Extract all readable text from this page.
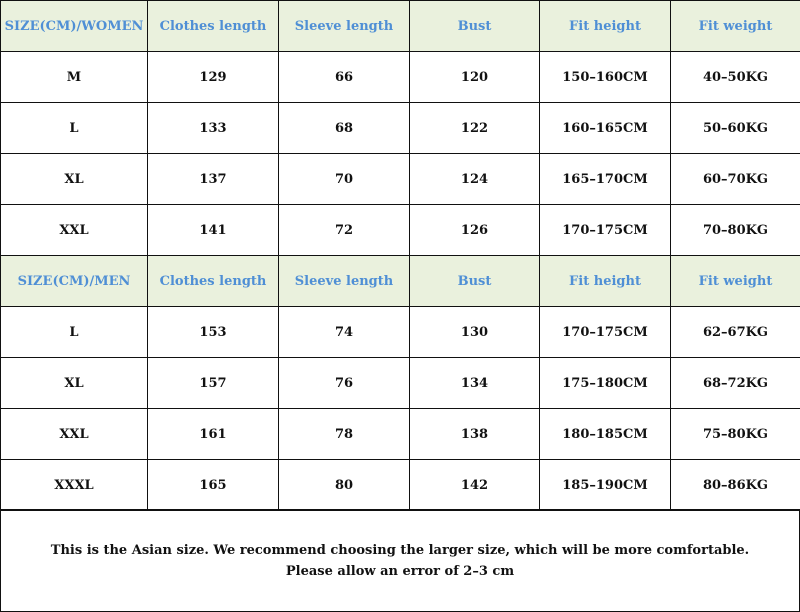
SIZE(CM)/WOMEN	Clothes length	Sleeve length	Bust	Fit height	Fit weight
M	129	66	120	150–160CM	40–50KG
L	133	68	122	160–165CM	50–60KG
XL	137	70	124	165–170CM	60–70KG
XXL	141	72	126	170–175CM	70–80KG
SIZE(CM)/MEN	Clothes length	Sleeve length	Bust	Fit height	Fit weight
L	153	74	130	170–175CM	62–67KG
XL	157	76	134	175–180CM	68–72KG
XXL	161	78	138	180–185CM	75–80KG
XXXL	165	80	142	185–190CM	80–86KG
This is the Asian size. We recommend choosing the larger size, which will be more comfortable.
Please allow an error of 2–3 cm
